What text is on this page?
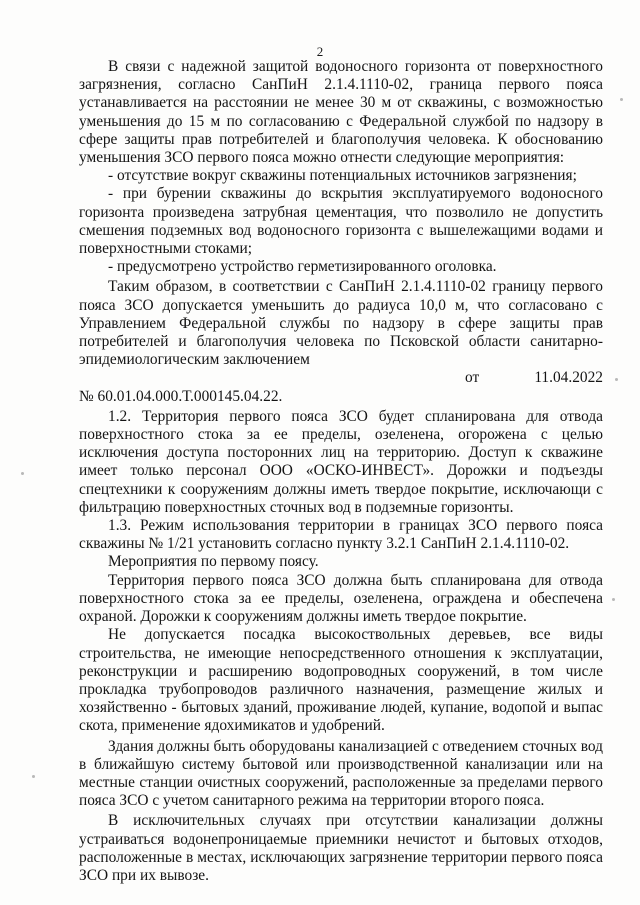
2

В связи с надежной защитой водоносного горизонта от поверхностного загрязнения, согласно СанПиН 2.1.4.1110-02, граница первого пояса устанавливается на расстоянии не менее 30 м от скважины, с возможностью уменьшения до 15 м по согласованию с Федеральной службой по надзору в сфере защиты прав потребителей и благополучия человека. К обоснованию уменьшения ЗСО первого пояса можно отнести следующие мероприятия:

- отсутствие вокруг скважины потенциальных источников загрязнения;

- при бурении скважины до вскрытия эксплуатируемого водоносного горизонта произведена затрубная цементация, что позволило не допустить смешения подземных вод водоносного горизонта с вышележащими водами и поверхностными стоками;

- предусмотрено устройство герметизированного оголовка.

Таким образом, в соответствии с СанПиН 2.1.4.1110-02 границу первого пояса ЗСО допускается уменьшить до радиуса 10,0 м, что согласовано с Управлением Федеральной службы по надзору в сфере защиты прав потребителей и благополучия человека по Псковской области санитарно-эпидемиологическим заключением

от	11.04.2022
№ 60.01.04.000.Т.000145.04.22.

1.2. Территория первого пояса ЗСО будет спланирована для отвода поверхностного стока за ее пределы, озеленена, огорожена с целью исключения доступа посторонних лиц на территорию. Доступ к скважине имеет только персонал ООО «ОСКО-ИНВЕСТ». Дорожки и подъезды спецтехники к сооружениям должны иметь твердое покрытие, исключающи с фильтрацию поверхностных сточных вод в подземные горизонты.

1.3. Режим использования территории в границах ЗСО первого пояса скважины № 1/21 установить согласно пункту 3.2.1 СанПиН 2.1.4.1110-02.

Мероприятия по первому поясу.

Территория первого пояса ЗСО должна быть спланирована для отвода поверхностного стока за ее пределы, озеленена, ограждена и обеспечена охраной. Дорожки к сооружениям должны иметь твердое покрытие.

Не допускается посадка высокоствольных деревьев, все виды строительства, не имеющие непосредственного отношения к эксплуатации, реконструкции и расширению водопроводных сооружений, в том числе прокладка трубопроводов различного назначения, размещение жилых и хозяйственно - бытовых зданий, проживание людей, купание, водопой и выпас скота, применение ядохимикатов и удобрений.

Здания должны быть оборудованы канализацией с отведением сточных вод в ближайшую систему бытовой или производственной канализации или на местные станции очистных сооружений, расположенные за пределами первого пояса ЗСО с учетом санитарного режима на территории второго пояса.

В исключительных случаях при отсутствии канализации должны устраиваться водонепроницаемые приемники нечистот и бытовых отходов, расположенные в местах, исключающих загрязнение территории первого пояса ЗСО при их вывозе.
